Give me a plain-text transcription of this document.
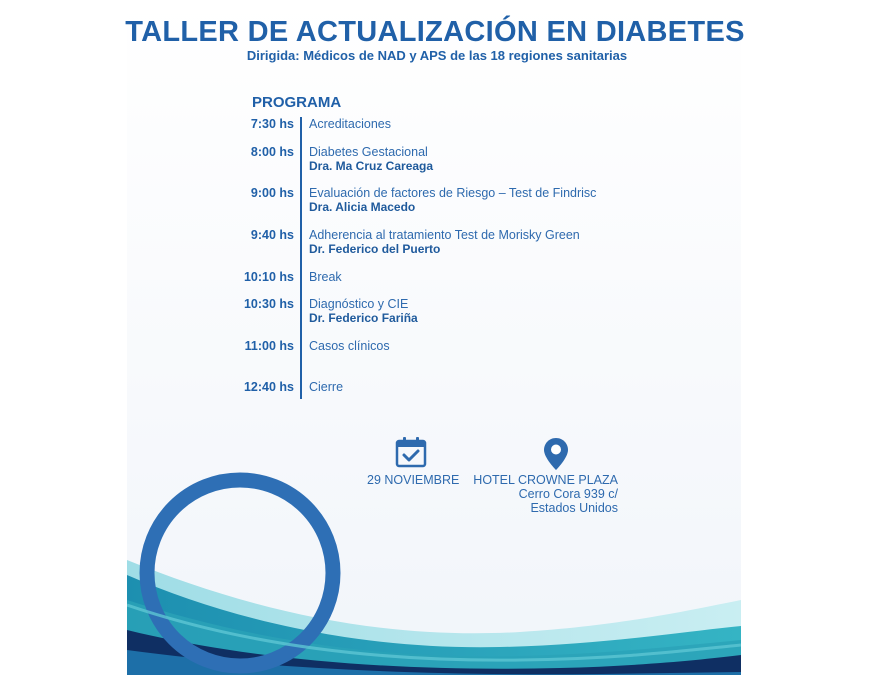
TALLER DE ACTUALIZACIÓN EN DIABETES

Dirigida: Médicos de NAD y APS de las 18 regiones sanitarias

PROGRAMA
7:30 hs Acreditaciones
8:00 hs Diabetes Gestacional
Dra. Ma Cruz Careaga
9:00 hs Evaluación de factores de Riesgo – Test de Findrisc
Dra. Alicia Macedo
9:40 hs Adherencia al tratamiento Test de Morisky Green
Dr. Federico del Puerto
10:10 hs Break
10:30 hs Diagnóstico y CIE
Dr. Federico Fariña
11:00 hs Casos clínicos
12:40 hs Cierre
29 NOVIEMBRE HOTEL CROWNE PLAZA
Cerro Cora 939 c/
Estados Unidos
